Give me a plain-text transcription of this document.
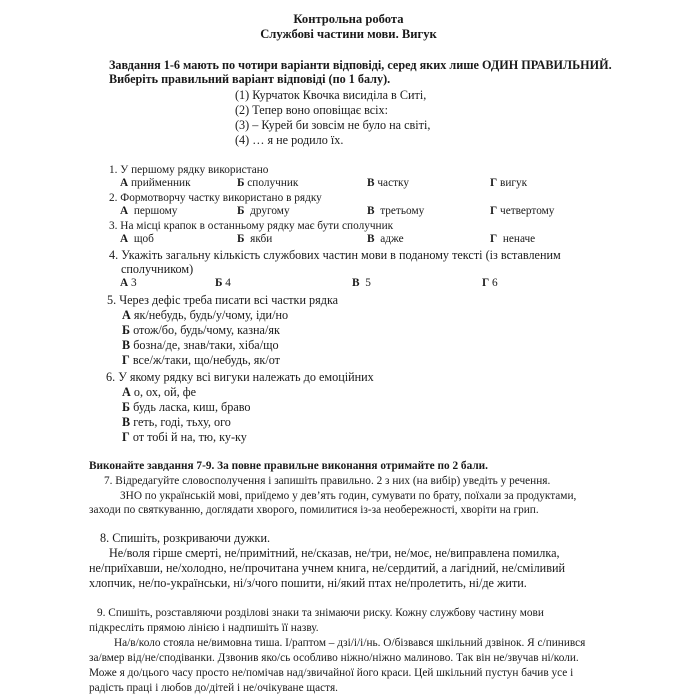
Контрольна робота
Службові частини мови. Вигук
Завдання 1-6 мають по чотири варіанти відповіді, серед яких лише ОДИН ПРАВИЛЬНИЙ.
Виберіть правильний варіант відповіді (по 1 балу).
(1) Курчаток Квочка висиділа в Ситі,
(2) Тепер воно оповіщає всіх:
(3) – Курей би зовсім не було на світі,
(4) … я не родило їх.
1. У першому рядку використано
А прийменник	Б сполучник	В частку	Г вигук
2. Формотворчу частку використано в рядку
А  першому	Б  другому	В  третьому	Г четвертому
3. На місці крапок в останньому рядку має бути сполучник
А  щоб	Б  якби	В  адже	Г  неначе
4. Укажіть загальну кількість службових частин мови в поданому тексті (із вставленим
сполучником)
А 3	Б 4	В  5	Г 6
5. Через дефіс треба писати всі частки рядка
А як/небудь, будь/у/чому, іди/но
Б отож/бо, будь/чому, казна/як
В бозна/де, знав/таки, хіба/що
Г все/ж/таки, що/небудь, як/от
6. У якому рядку всі вигуки належать до емоційних
А о, ох, ой, фе
Б будь ласка, киш, браво
В геть, годі, тьху, ого
Г от тобі й на, тю, ку-ку
Виконайте завдання 7-9. За повне правильне виконання отримайте по 2 бали.
7. Відредагуйте словосполучення і запишіть правильно. 2 з них (на вибір) уведіть у речення.
ЗНО по українській мові, приїдемо у дев’ять годин, сумувати по брату, поїхали за продуктами,
заходи по святкуванню, доглядати хворого, помилитися із-за необережності, хворіти на грип.
8. Спишіть, розкриваючи дужки.
Не/воля гірше смерті, не/примітний, не/сказав, не/три, не/моє, не/виправлена помилка,
не/приїхавши, не/холодно, не/прочитана учнем книга, не/сердитий, а лагідний, не/сміливий
хлопчик, не/по-українськи, ні/з/чого пошити, ні/який птах не/пролетить, ні/де жити.
9. Спишіть, розставляючи розділові знаки та знімаючи риску. Кожну службову частину мови
підкресліть прямою лінією і надпишіть її назву.
На/в/коло стояла не/вимовна тиша. І/раптом – дзі/і/і/нь. О/бізвався шкільний дзвінок. Я с/пинився
за/вмер від/не/сподіванки. Дзвонив яко/сь особливо ніжно/ніжно малиново. Так він не/звучав ні/коли.
Може я до/цього часу просто не/помічав над/звичайної його краси. Цей шкільний пустун бачив усе і
радість праці і любов до/дітей і не/очікуване щастя.
